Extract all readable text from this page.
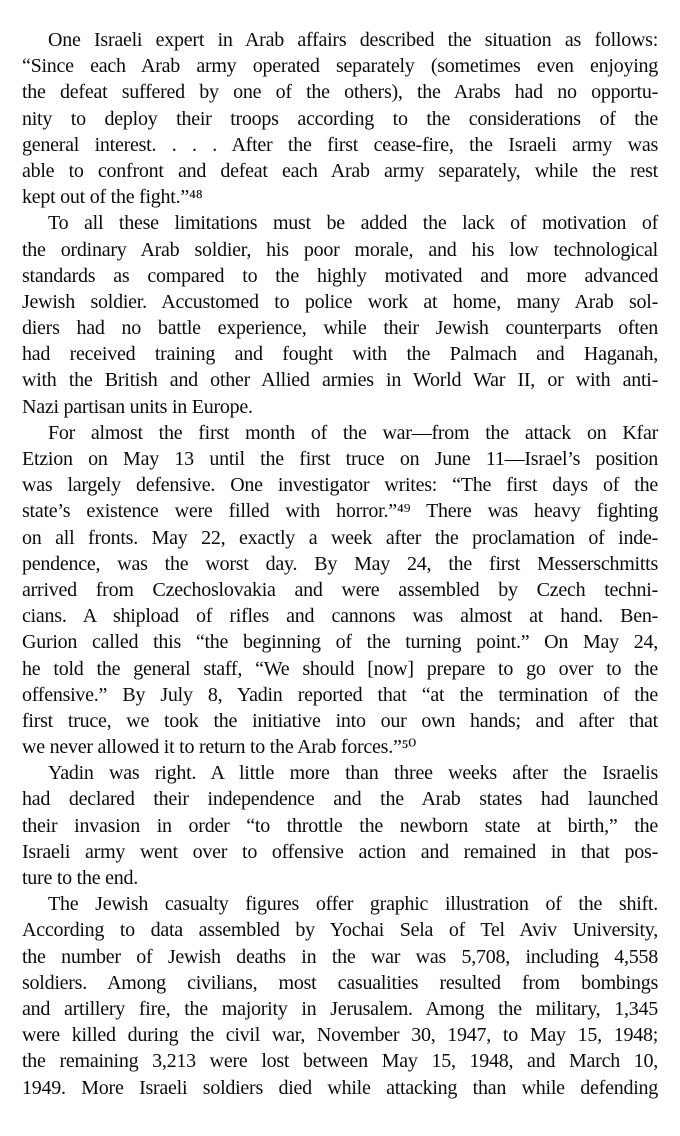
One Israeli expert in Arab affairs described the situation as follows:
“Since each Arab army operated separately (sometimes even enjoying
the defeat suffered by one of the others), the Arabs had no opportu-
nity to deploy their troops according to the considerations of the
general interest. . . . After the first cease-fire, the Israeli army was
able to confront and defeat each Arab army separately, while the rest
kept out of the fight.”⁴⁸
To all these limitations must be added the lack of motivation of
the ordinary Arab soldier, his poor morale, and his low technological
standards as compared to the highly motivated and more advanced
Jewish soldier. Accustomed to police work at home, many Arab sol-
diers had no battle experience, while their Jewish counterparts often
had received training and fought with the Palmach and Haganah,
with the British and other Allied armies in World War II, or with anti-
Nazi partisan units in Europe.
For almost the first month of the war—from the attack on Kfar
Etzion on May 13 until the first truce on June 11—Israel’s position
was largely defensive. One investigator writes: “The first days of the
state’s existence were filled with horror.”⁴⁹ There was heavy fighting
on all fronts. May 22, exactly a week after the proclamation of inde-
pendence, was the worst day. By May 24, the first Messerschmitts
arrived from Czechoslovakia and were assembled by Czech techni-
cians. A shipload of rifles and cannons was almost at hand. Ben-
Gurion called this “the beginning of the turning point.” On May 24,
he told the general staff, “We should [now] prepare to go over to the
offensive.” By July 8, Yadin reported that “at the termination of the
first truce, we took the initiative into our own hands; and after that
we never allowed it to return to the Arab forces.”⁵⁰
Yadin was right. A little more than three weeks after the Israelis
had declared their independence and the Arab states had launched
their invasion in order “to throttle the newborn state at birth,” the
Israeli army went over to offensive action and remained in that pos-
ture to the end.
The Jewish casualty figures offer graphic illustration of the shift.
According to data assembled by Yochai Sela of Tel Aviv University,
the number of Jewish deaths in the war was 5,708, including 4,558
soldiers. Among civilians, most casualities resulted from bombings
and artillery fire, the majority in Jerusalem. Among the military, 1,345
were killed during the civil war, November 30, 1947, to May 15, 1948;
the remaining 3,213 were lost between May 15, 1948, and March 10,
1949. More Israeli soldiers died while attacking than while defending
